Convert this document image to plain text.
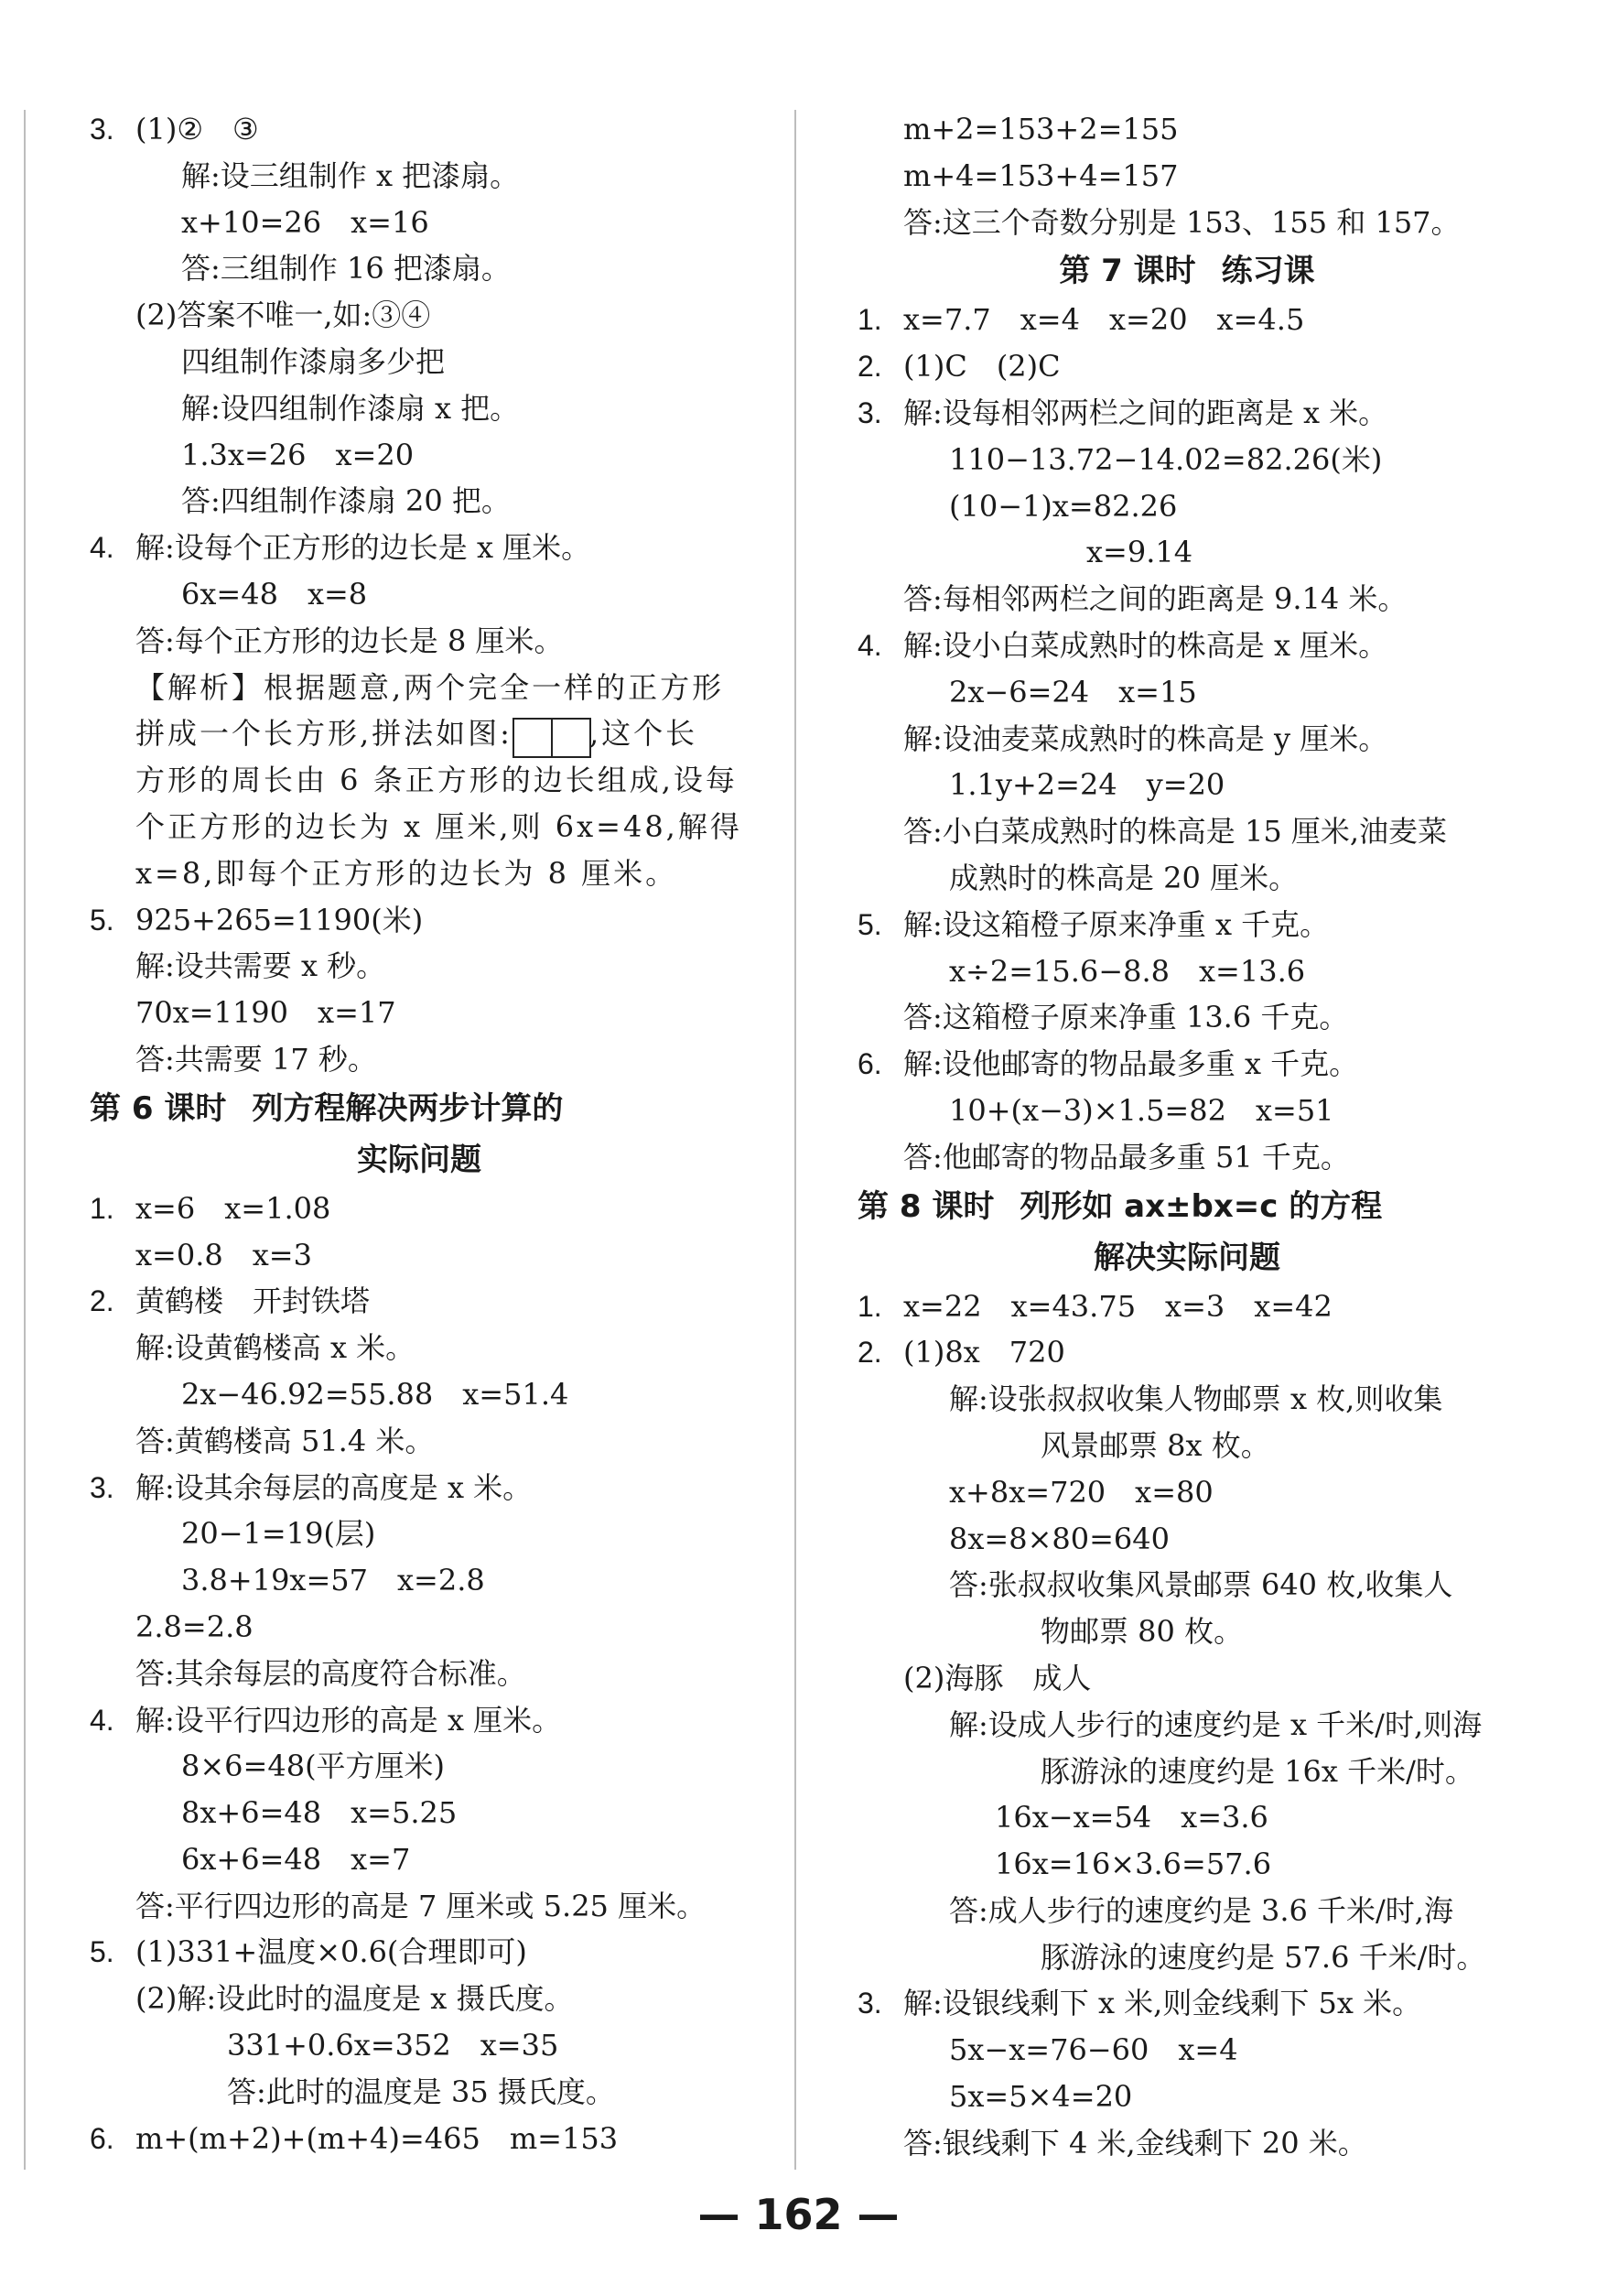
3. (1)②　③
解:设三组制作 x 把漆扇。
x+10=26　x=16
答:三组制作 16 把漆扇。
(2)答案不唯一,如:③④
四组制作漆扇多少把
解:设四组制作漆扇 x 把。
1.3x=26　x=20
答:四组制作漆扇 20 把。
4. 解:设每个正方形的边长是 x 厘米。
6x=48　x=8
答:每个正方形的边长是 8 厘米。
【解析】根据题意,两个完全一样的正方形
拼成一个长方形,拼法如图:	,这个长
方形的周长由 6 条正方形的边长组成,设每
个正方形的边长为 x 厘米,则 6x=48,解得
x=8,即每个正方形的边长为 8 厘米。
5. 925+265=1190(米)
解:设共需要 x 秒。
70x=1190　x=17
答:共需要 17 秒。
第 6 课时 列方程解决两步计算的
实际问题
1. x=6　x=1.08
x=0.8　x=3
2. 黄鹤楼　开封铁塔
解:设黄鹤楼高 x 米。
2x−46.92=55.88　x=51.4
答:黄鹤楼高 51.4 米。
3. 解:设其余每层的高度是 x 米。
20−1=19(层)
3.8+19x=57　x=2.8
2.8=2.8
答:其余每层的高度符合标准。
4. 解:设平行四边形的高是 x 厘米。
8×6=48(平方厘米)
8x+6=48　x=5.25
6x+6=48　x=7
答:平行四边形的高是 7 厘米或 5.25 厘米。
5. (1)331+温度×0.6(合理即可)
(2)解:设此时的温度是 x 摄氏度。
331+0.6x=352　x=35
答:此时的温度是 35 摄氏度。
6. m+(m+2)+(m+4)=465　m=153
m+2=153+2=155
m+4=153+4=157
答:这三个奇数分别是 153、155 和 157。
第 7 课时 练习课
1. x=7.7　x=4　x=20　x=4.5
2. (1)C　(2)C
3. 解:设每相邻两栏之间的距离是 x 米。
110−13.72−14.02=82.26(米)
(10−1)x=82.26
x=9.14
答:每相邻两栏之间的距离是 9.14 米。
4. 解:设小白菜成熟时的株高是 x 厘米。
2x−6=24　x=15
解:设油麦菜成熟时的株高是 y 厘米。
1.1y+2=24　y=20
答:小白菜成熟时的株高是 15 厘米,油麦菜
成熟时的株高是 20 厘米。
5. 解:设这箱橙子原来净重 x 千克。
x÷2=15.6−8.8　x=13.6
答:这箱橙子原来净重 13.6 千克。
6. 解:设他邮寄的物品最多重 x 千克。
10+(x−3)×1.5=82　x=51
答:他邮寄的物品最多重 51 千克。
第 8 课时 列形如 ax±bx=c 的方程
解决实际问题
1. x=22　x=43.75　x=3　x=42
2. (1)8x　720
解:设张叔叔收集人物邮票 x 枚,则收集
风景邮票 8x 枚。
x+8x=720　x=80
8x=8×80=640
答:张叔叔收集风景邮票 640 枚,收集人
物邮票 80 枚。
(2)海豚　成人
解:设成人步行的速度约是 x 千米/时,则海
豚游泳的速度约是 16x 千米/时。
16x−x=54　x=3.6
16x=16×3.6=57.6
答:成人步行的速度约是 3.6 千米/时,海
豚游泳的速度约是 57.6 千米/时。
3. 解:设银线剩下 x 米,则金线剩下 5x 米。
5x−x=76−60　x=4
5x=5×4=20
答:银线剩下 4 米,金线剩下 20 米。
— 162 —
